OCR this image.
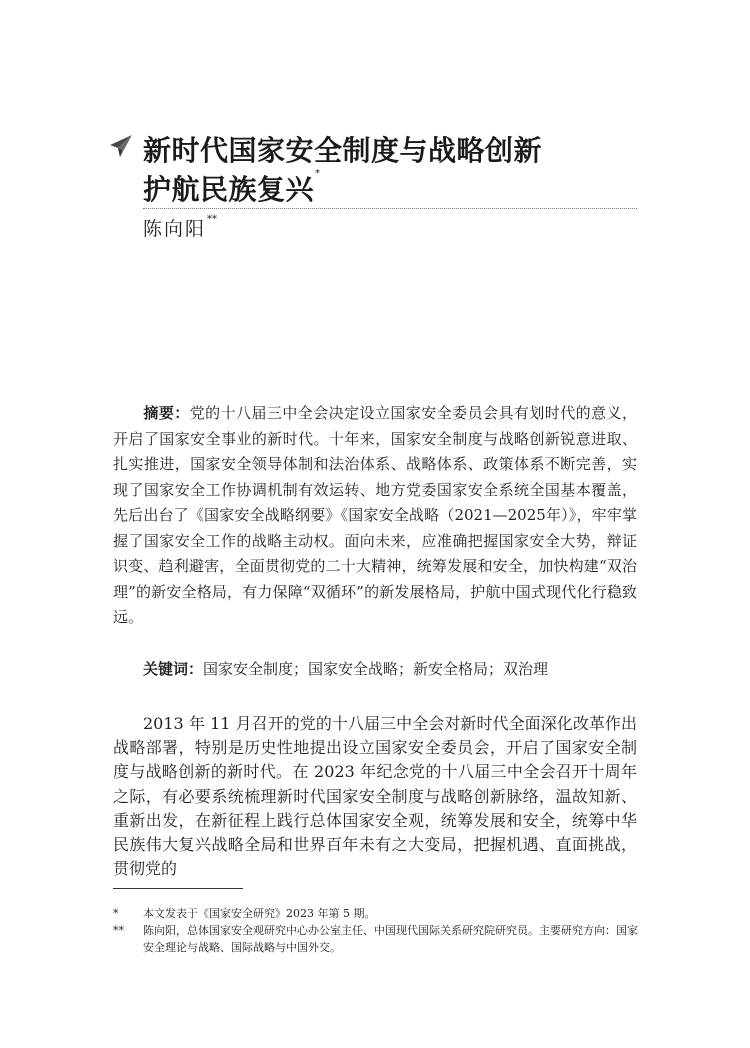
新时代国家安全制度与战略创新
护航民族复兴*
陈向阳**

摘要：党的十八届三中全会决定设立国家安全委员会具有划时代的意义，开启了国家安全事业的新时代。十年来，国家安全制度与战略创新锐意进取、扎实推进，国家安全领导体制和法治体系、战略体系、政策体系不断完善，实现了国家安全工作协调机制有效运转、地方党委国家安全系统全国基本覆盖，先后出台了《国家安全战略纲要》《国家安全战略（2021—2025年）》，牢牢掌握了国家安全工作的战略主动权。面向未来，应准确把握国家安全大势，辩证识变、趋利避害，全面贯彻党的二十大精神，统筹发展和安全，加快构建“双治理”的新安全格局，有力保障“双循环”的新发展格局，护航中国式现代化行稳致远。

关键词：国家安全制度；国家安全战略；新安全格局；双治理

2013 年 11 月召开的党的十八届三中全会对新时代全面深化改革作出战略部署，特别是历史性地提出设立国家安全委员会，开启了国家安全制度与战略创新的新时代。在 2023 年纪念党的十八届三中全会召开十周年之际，有必要系统梳理新时代国家安全制度与战略创新脉络，温故知新、重新出发，在新征程上践行总体国家安全观，统筹发展和安全，统筹中华民族伟大复兴战略全局和世界百年未有之大变局，把握机遇、直面挑战，贯彻党的

* 本文发表于《国家安全研究》2023 年第 5 期。

**	陈向阳，总体国家安全观研究中心办公室主任、中国现代国际关系研究院研究员。主要研究方向：国家安全理论与战略、国际战略与中国外交。
